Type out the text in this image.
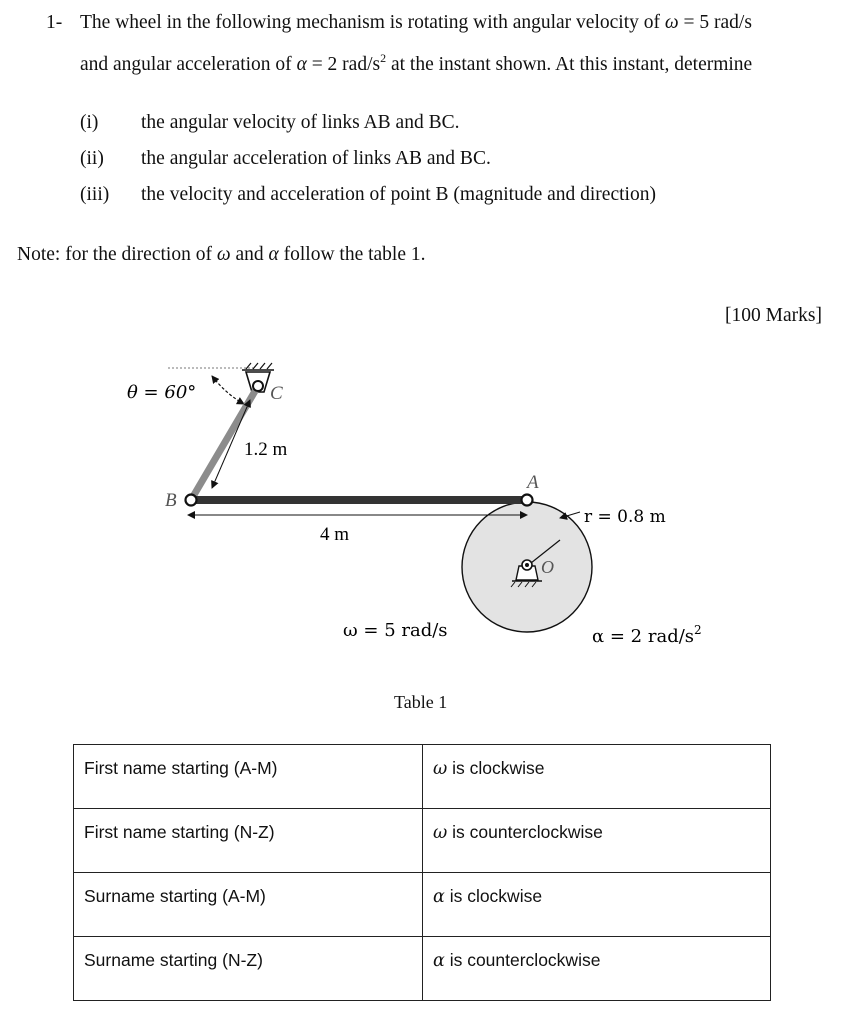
1- The wheel in the following mechanism is rotating with angular velocity of ω = 5 rad/s
and angular acceleration of α = 2 rad/$s^2$ at the instant shown. At this instant, determine
(i) the angular velocity of links AB and BC.
(ii) the angular acceleration of links AB and BC.
(iii) the velocity and acceleration of point B (magnitude and direction)
Note: for the direction of ω and α follow the table 1.
[100 Marks]
θ = 60°	C
B
A
O
1.2 m
4 m
r = 0.8 m
ω = 5 rad/s	α = 2 rad/$s^2$
Table 1
First name starting (A-M)	ω is clockwise
First name starting (N-Z)	ω is counterclockwise
Surname starting (A-M)	α is clockwise
Surname starting (N-Z)	α is counterclockwise
